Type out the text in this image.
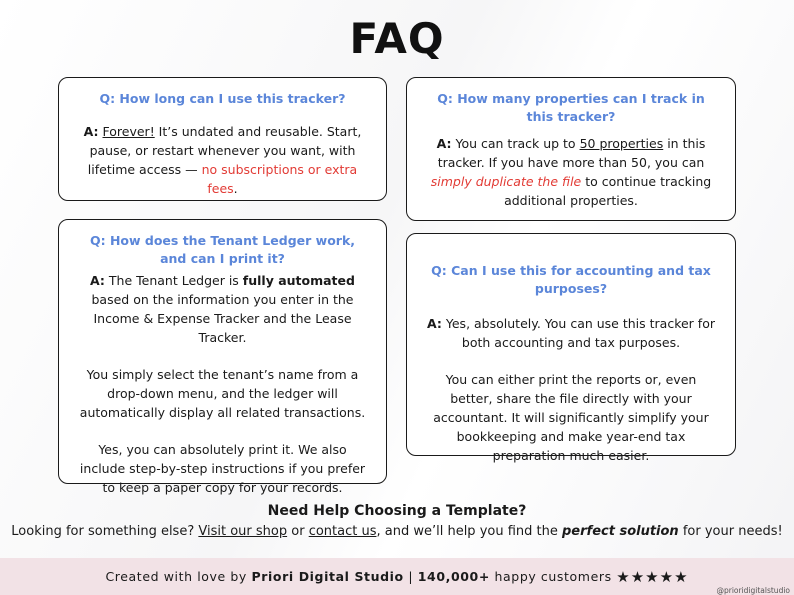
FAQ
Q: How long can I use this tracker?

A: Forever! It’s undated and reusable. Start, pause, or restart whenever you want, with lifetime access — no subscriptions or extra fees.

Q: How many properties can I track in this tracker?

A: You can track up to 50 properties in this tracker. If you have more than 50, you can simply duplicate the file to continue tracking additional properties.

Q: How does the Tenant Ledger work, and can I print it?

A: The Tenant Ledger is fully automated based on the information you enter in the Income & Expense Tracker and the Lease Tracker.

You simply select the tenant’s name from a drop-down menu, and the ledger will automatically display all related transactions.

Yes, you can absolutely print it. We also include step-by-step instructions if you prefer to keep a paper copy for your records.

Q: Can I use this for accounting and tax purposes?

A: Yes, absolutely. You can use this tracker for both accounting and tax purposes.

You can either print the reports or, even better, share the file directly with your accountant. It will significantly simplify your bookkeeping and make year-end tax preparation much easier.

Need Help Choosing a Template?
Looking for something else? Visit our shop or contact us, and we’ll help you find the perfect solution for your needs!
Created with love by Priori Digital Studio | 140,000+ happy customers ★★★★★
@prioridigitalstudio
